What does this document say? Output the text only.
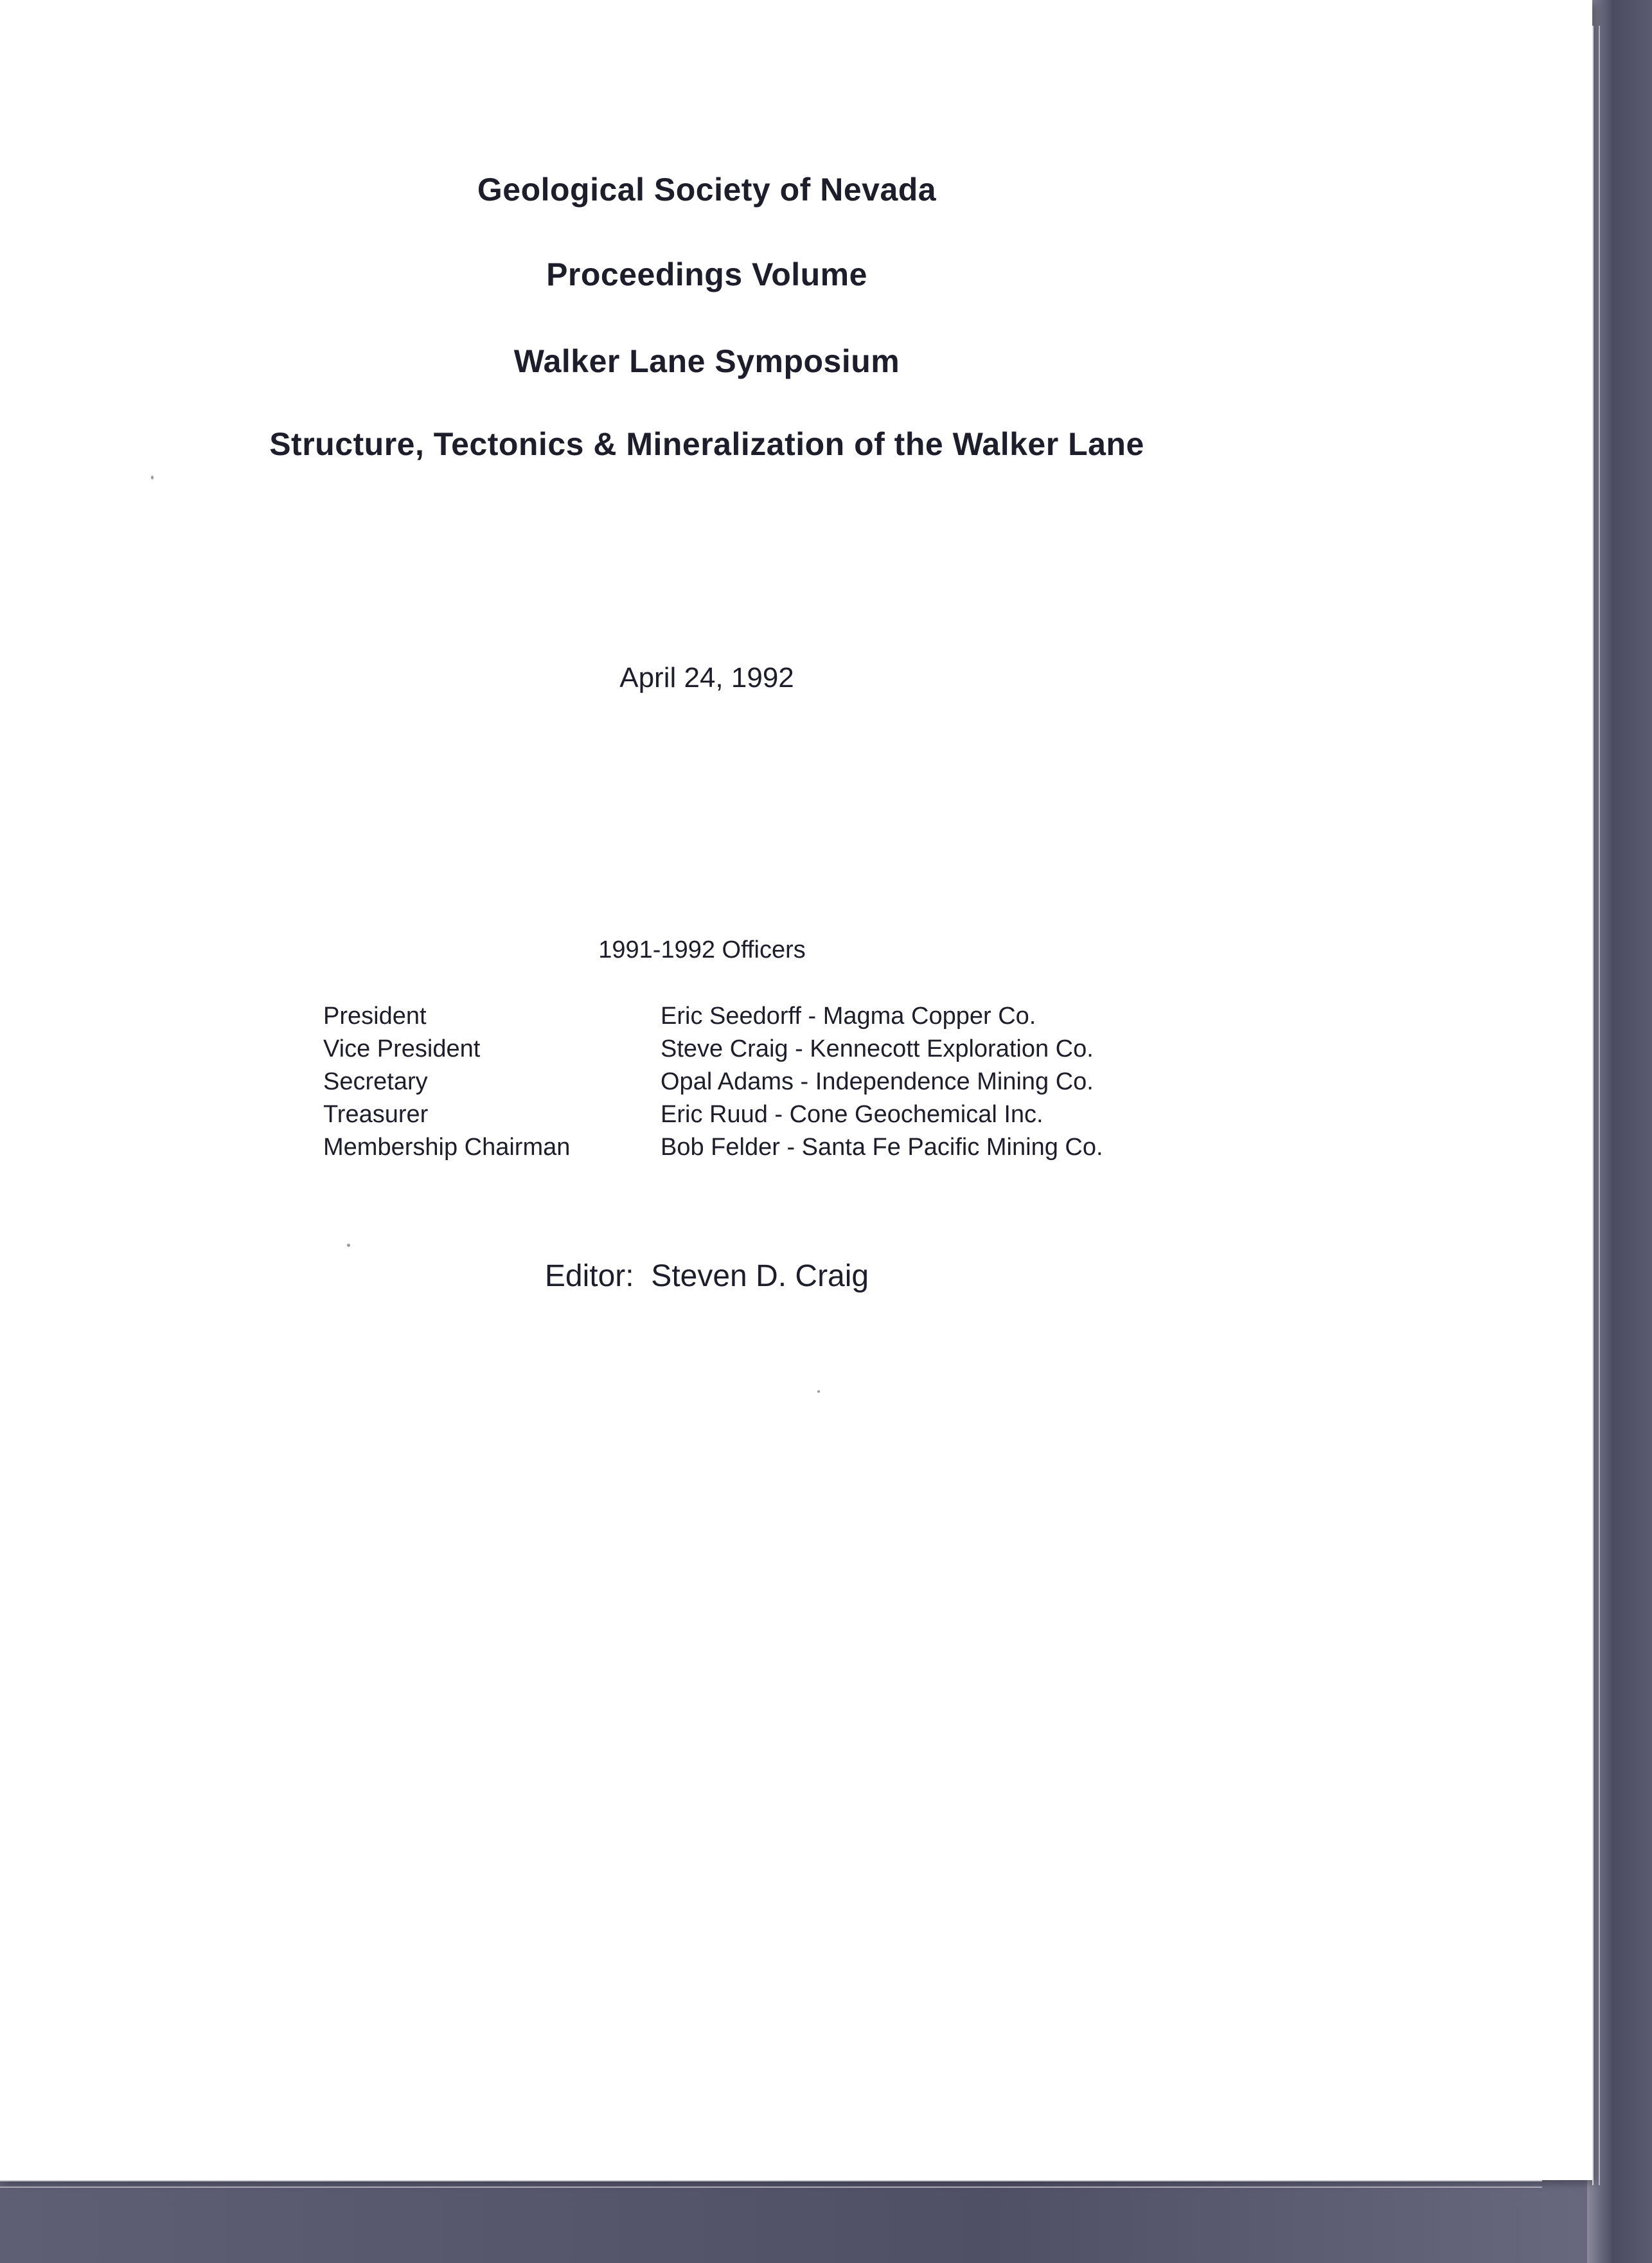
Geological Society of Nevada
Proceedings Volume
Walker Lane Symposium
Structure, Tectonics & Mineralization of the Walker Lane
April 24, 1992
1991-1992 Officers
President	Eric Seedorff - Magma Copper Co.
Vice President	Steve Craig - Kennecott Exploration Co.
Secretary	Opal Adams - Independence Mining Co.
Treasurer	Eric Ruud - Cone Geochemical Inc.
Membership Chairman	Bob Felder - Santa Fe Pacific Mining Co.
Editor: Steven D. Craig
